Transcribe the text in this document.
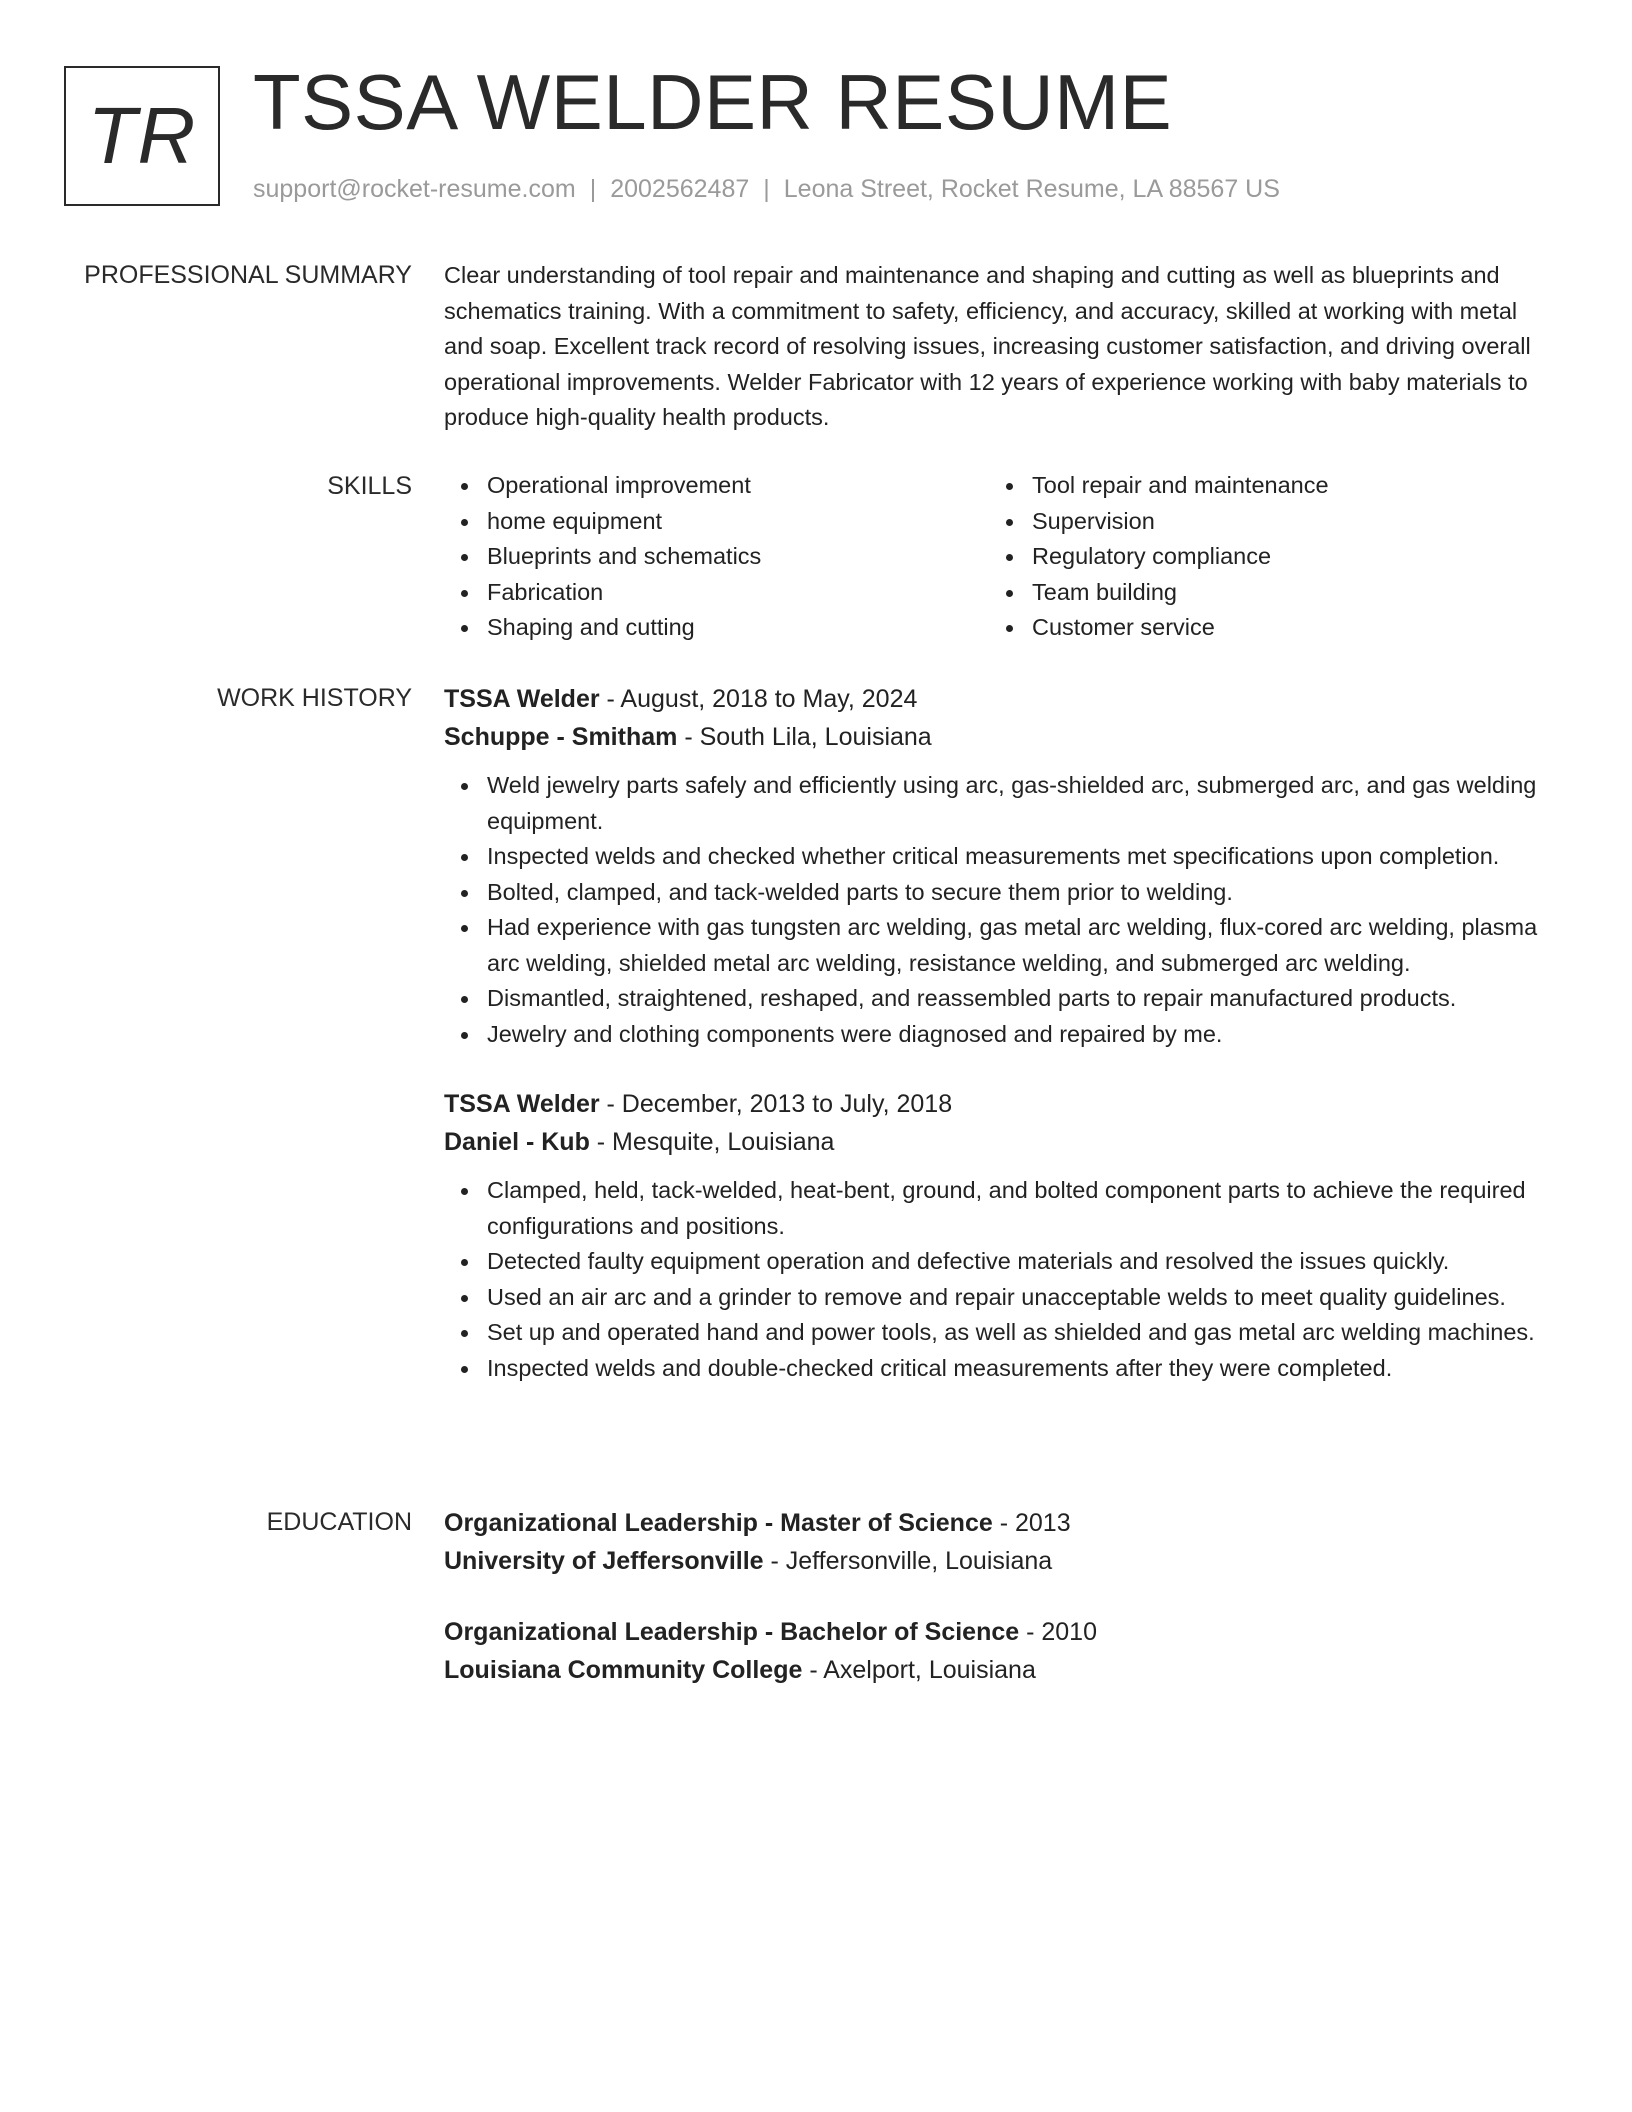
TR TSSA WELDER RESUME
support@rocket-resume.com | 2002562487 | Leona Street, Rocket Resume, LA 88567 US
PROFESSIONAL SUMMARY Clear understanding of tool repair and maintenance and shaping and cutting as well as blueprints and schematics training. With a commitment to safety, efficiency, and accuracy, skilled at working with metal and soap. Excellent track record of resolving issues, increasing customer satisfaction, and driving overall operational improvements. Welder Fabricator with 12 years of experience working with baby materials to produce high-quality health products.

SKILLS	Operational improvement
home equipment
Blueprints and schematics
Fabrication
Shaping and cutting
Tool repair and maintenance
Supervision
Regulatory compliance
Team building
Customer service
WORK HISTORY TSSA Welder - August, 2018 to May, 2024
Schuppe - Smitham - South Lila, Louisiana
Weld jewelry parts safely and efficiently using arc, gas-shielded arc, submerged arc, and gas welding equipment.
Inspected welds and checked whether critical measurements met specifications upon completion.
Bolted, clamped, and tack-welded parts to secure them prior to welding.
Had experience with gas tungsten arc welding, gas metal arc welding, flux-cored arc welding, plasma arc welding, shielded metal arc welding, resistance welding, and submerged arc welding.
Dismantled, straightened, reshaped, and reassembled parts to repair manufactured products.
Jewelry and clothing components were diagnosed and repaired by me.
TSSA Welder - December, 2013 to July, 2018
Daniel - Kub - Mesquite, Louisiana
Clamped, held, tack-welded, heat-bent, ground, and bolted component parts to achieve the required configurations and positions.
Detected faulty equipment operation and defective materials and resolved the issues quickly.
Used an air arc and a grinder to remove and repair unacceptable welds to meet quality guidelines.
Set up and operated hand and power tools, as well as shielded and gas metal arc welding machines.
Inspected welds and double-checked critical measurements after they were completed.
EDUCATION Organizational Leadership - Master of Science - 2013
University of Jeffersonville - Jeffersonville, Louisiana
Organizational Leadership - Bachelor of Science - 2010
Louisiana Community College - Axelport, Louisiana
